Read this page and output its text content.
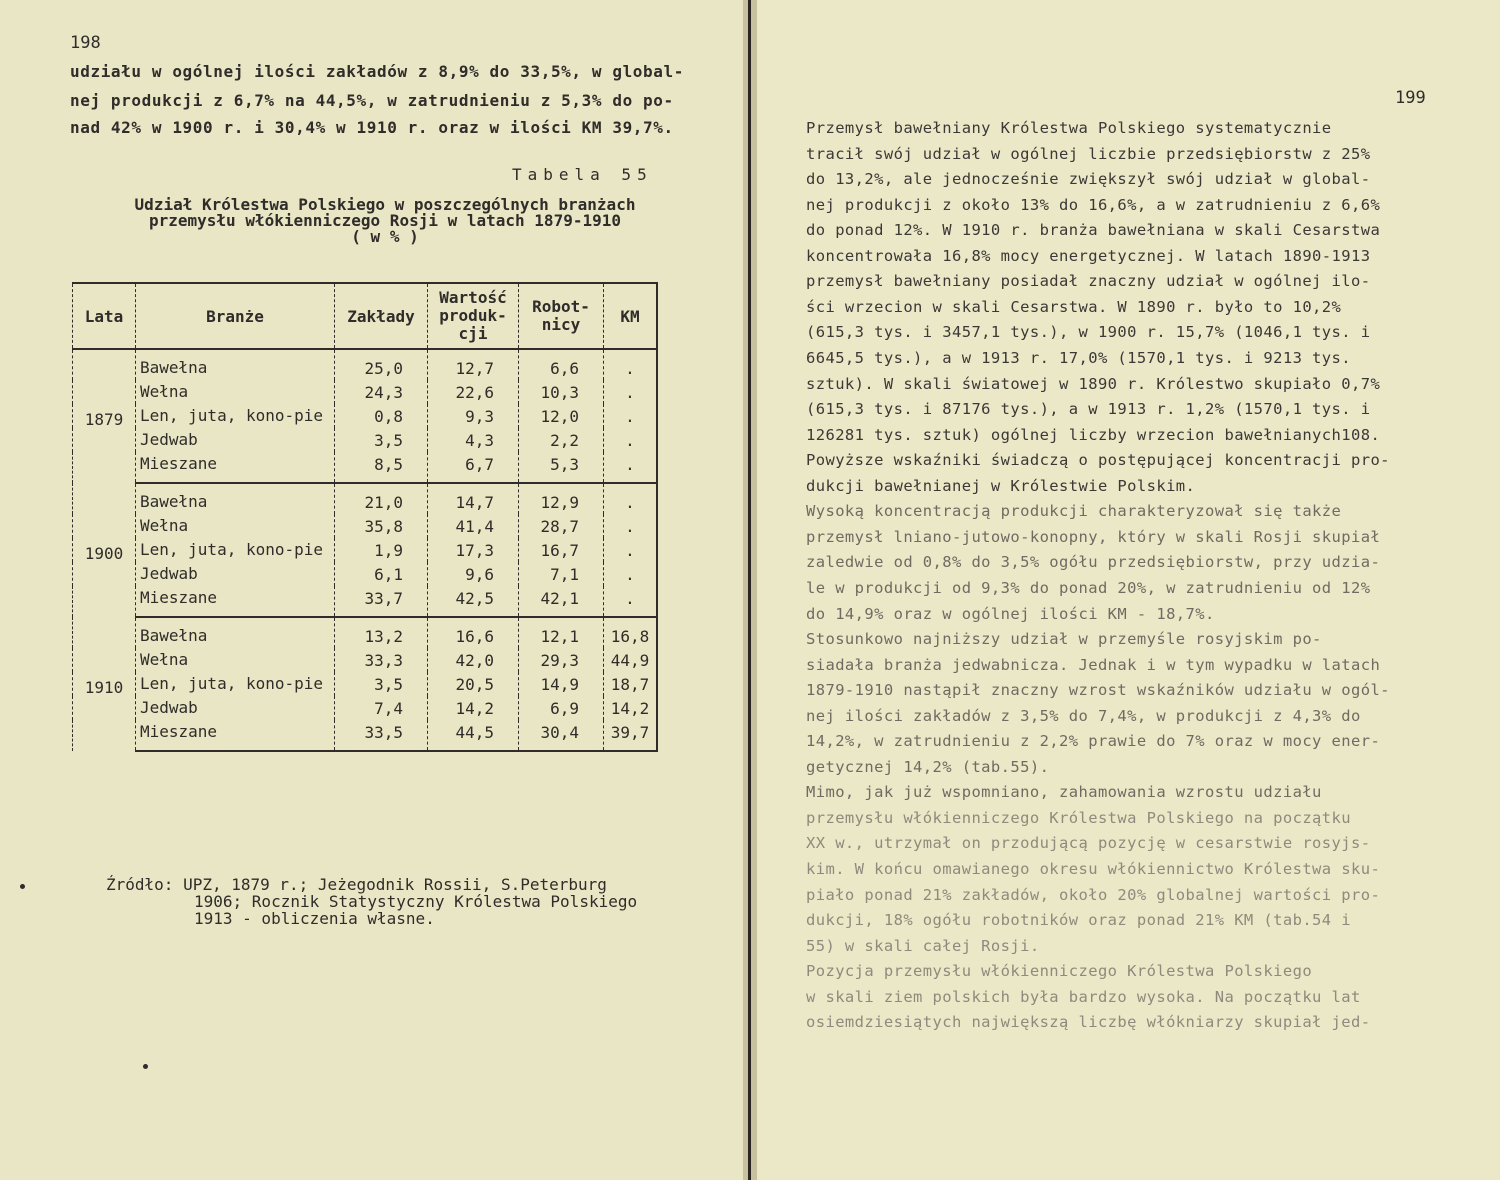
198
udziału w ogólnej ilości zakładów z 8,9% do 33,5%, w global-
nej produkcji z 6,7% na 44,5%, w zatrudnieniu z 5,3% do po-
nad 42% w 1900 r. i 30,4% w 1910 r. oraz w ilości KM 39,7%.
Tabela 55
Udział Królestwa Polskiego w poszczególnych branżach
przemysłu włókienniczego Rosji w latach 1879-1910
( w % )
Lata	Branże	Zakłady	Wartość produk-cji	Robot-nicy	KM
1879	Bawełna	25,0	12,7	6,6	.
	Wełna	24,3	22,6	10,3	.
	Len, juta, kono-pie	0,8	9,3	12,0	.
	Jedwab	3,5	4,3	2,2	.
	Mieszane	8,5	6,7	5,3	.
1900	Bawełna	21,0	14,7	12,9	.
	Wełna	35,8	41,4	28,7	.
	Len, juta, kono-pie	1,9	17,3	16,7	.
	Jedwab	6,1	9,6	7,1	.
	Mieszane	33,7	42,5	42,1	.
1910	Bawełna	13,2	16,6	12,1	16,8
	Wełna	33,3	42,0	29,3	44,9
	Len, juta, kono-pie	3,5	20,5	14,9	18,7
	Jedwab	7,4	14,2	6,9	14,2
	Mieszane	33,5	44,5	30,4	39,7
Źródło: UPZ, 1879 r.; Jeżegodnik Rossii, S.Peterburg
1906; Rocznik Statystyczny Królestwa Polskiego
1913 - obliczenia własne.
199
Przemysł bawełniany Królestwa Polskiego systematycznie
tracił swój udział w ogólnej liczbie przedsiębiorstw z 25%
do 13,2%, ale jednocześnie zwiększył swój udział w global-
nej produkcji z około 13% do 16,6%, a w zatrudnieniu z 6,6%
do ponad 12%. W 1910 r. branża bawełniana w skali Cesarstwa
koncentrowała 16,8% mocy energetycznej. W latach 1890-1913
przemysł bawełniany posiadał znaczny udział w ogólnej ilo-
ści wrzecion w skali Cesarstwa. W 1890 r. było to 10,2%
(615,3 tys. i 3457,1 tys.), w 1900 r. 15,7% (1046,1 tys. i
6645,5 tys.), a w 1913 r. 17,0% (1570,1 tys. i 9213 tys.
sztuk). W skali światowej w 1890 r. Królestwo skupiało 0,7%
(615,3 tys. i 87176 tys.), a w 1913 r. 1,2% (1570,1 tys. i
126281 tys. sztuk) ogólnej liczby wrzecion bawełnianych108.
Powyższe wskaźniki świadczą o postępującej koncentracji pro-
dukcji bawełnianej w Królestwie Polskim.
Wysoką koncentracją produkcji charakteryzował się także
przemysł lniano-jutowo-konopny, który w skali Rosji skupiał
zaledwie od 0,8% do 3,5% ogółu przedsiębiorstw, przy udzia-
le w produkcji od 9,3% do ponad 20%, w zatrudnieniu od 12%
do 14,9% oraz w ogólnej ilości KM - 18,7%.
Stosunkowo najniższy udział w przemyśle rosyjskim po-
siadała branża jedwabnicza. Jednak i w tym wypadku w latach
1879-1910 nastąpił znaczny wzrost wskaźników udziału w ogól-
nej ilości zakładów z 3,5% do 7,4%, w produkcji z 4,3% do
14,2%, w zatrudnieniu z 2,2% prawie do 7% oraz w mocy ener-
getycznej 14,2% (tab.55).
Mimo, jak już wspomniano, zahamowania wzrostu udziału
przemysłu włókienniczego Królestwa Polskiego na początku
XX w., utrzymał on przodującą pozycję w cesarstwie rosyjs-
kim. W końcu omawianego okresu włókiennictwo Królestwa sku-
piało ponad 21% zakładów, około 20% globalnej wartości pro-
dukcji, 18% ogółu robotników oraz ponad 21% KM (tab.54 i
55) w skali całej Rosji.
Pozycja przemysłu włókienniczego Królestwa Polskiego
w skali ziem polskich była bardzo wysoka. Na początku lat
osiemdziesiątych największą liczbę włókniarzy skupiał jed-
